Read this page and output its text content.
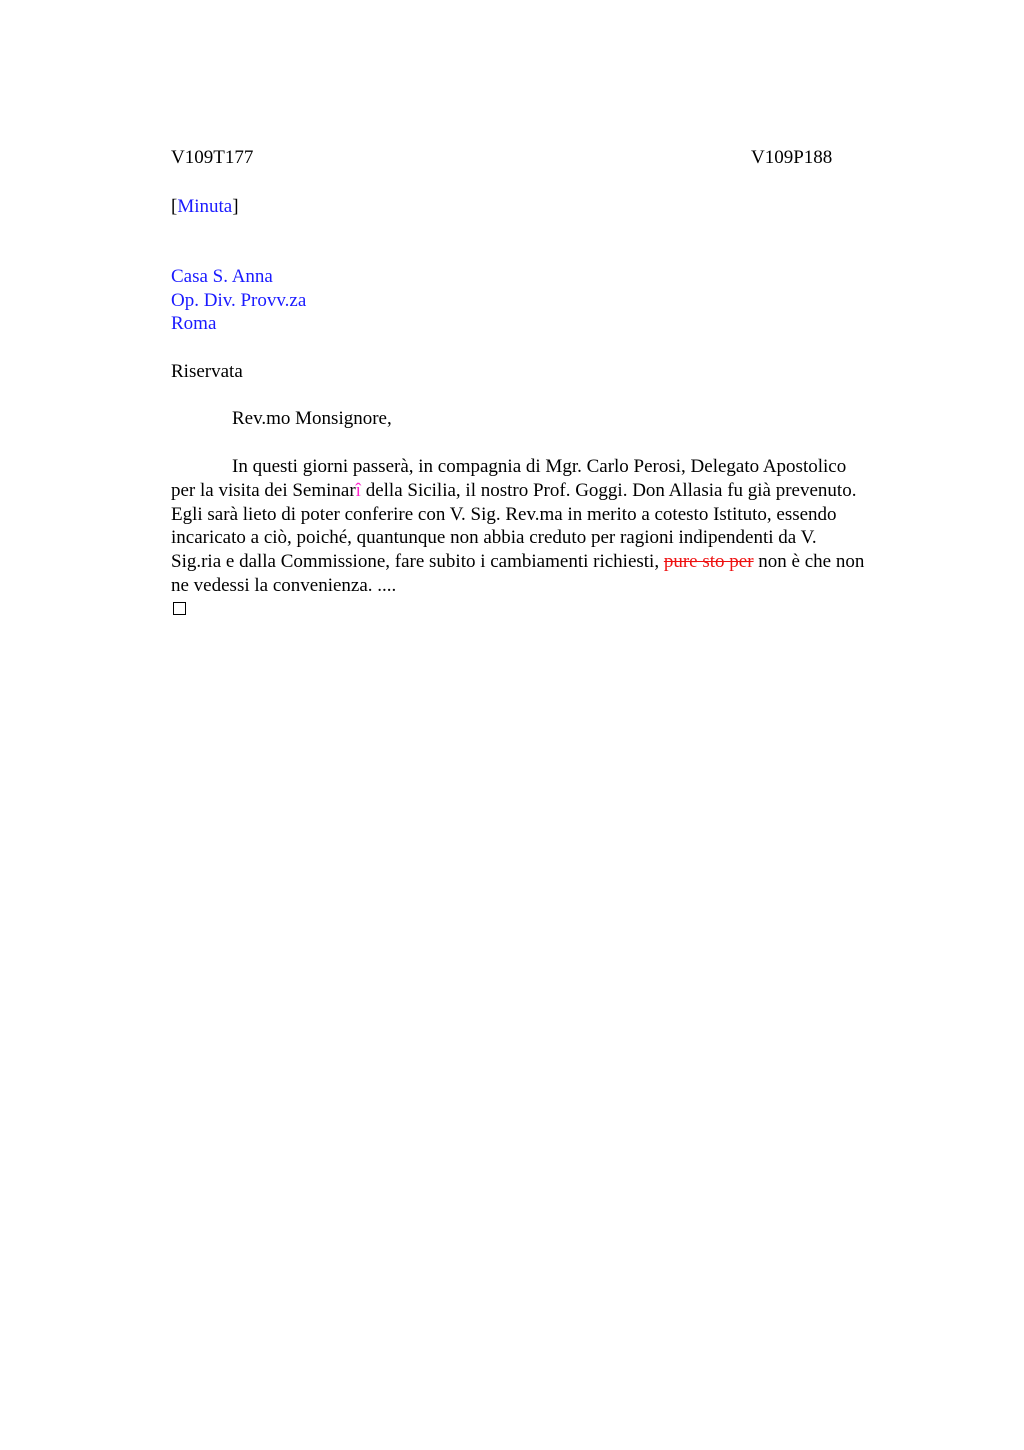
V109T177	V109P188
[Minuta]
Casa S. Anna
Op. Div. Provv.za
Roma
Riservata
Rev.mo Monsignore,
In questi giorni passerà, in compagnia di Mgr. Carlo Perosi, Delegato Apostolico
per la visita dei Seminarî della Sicilia, il nostro Prof. Goggi. Don Allasia fu già prevenuto.
Egli sarà lieto di poter conferire con V. Sig. Rev.ma in merito a cotesto Istituto, essendo
incaricato a ciò, poiché, quantunque non abbia creduto per ragioni indipendenti da V.
Sig.ria e dalla Commissione, fare subito i cambiamenti richiesti, pure sto per non è che non
ne vedessi la convenienza. ....
